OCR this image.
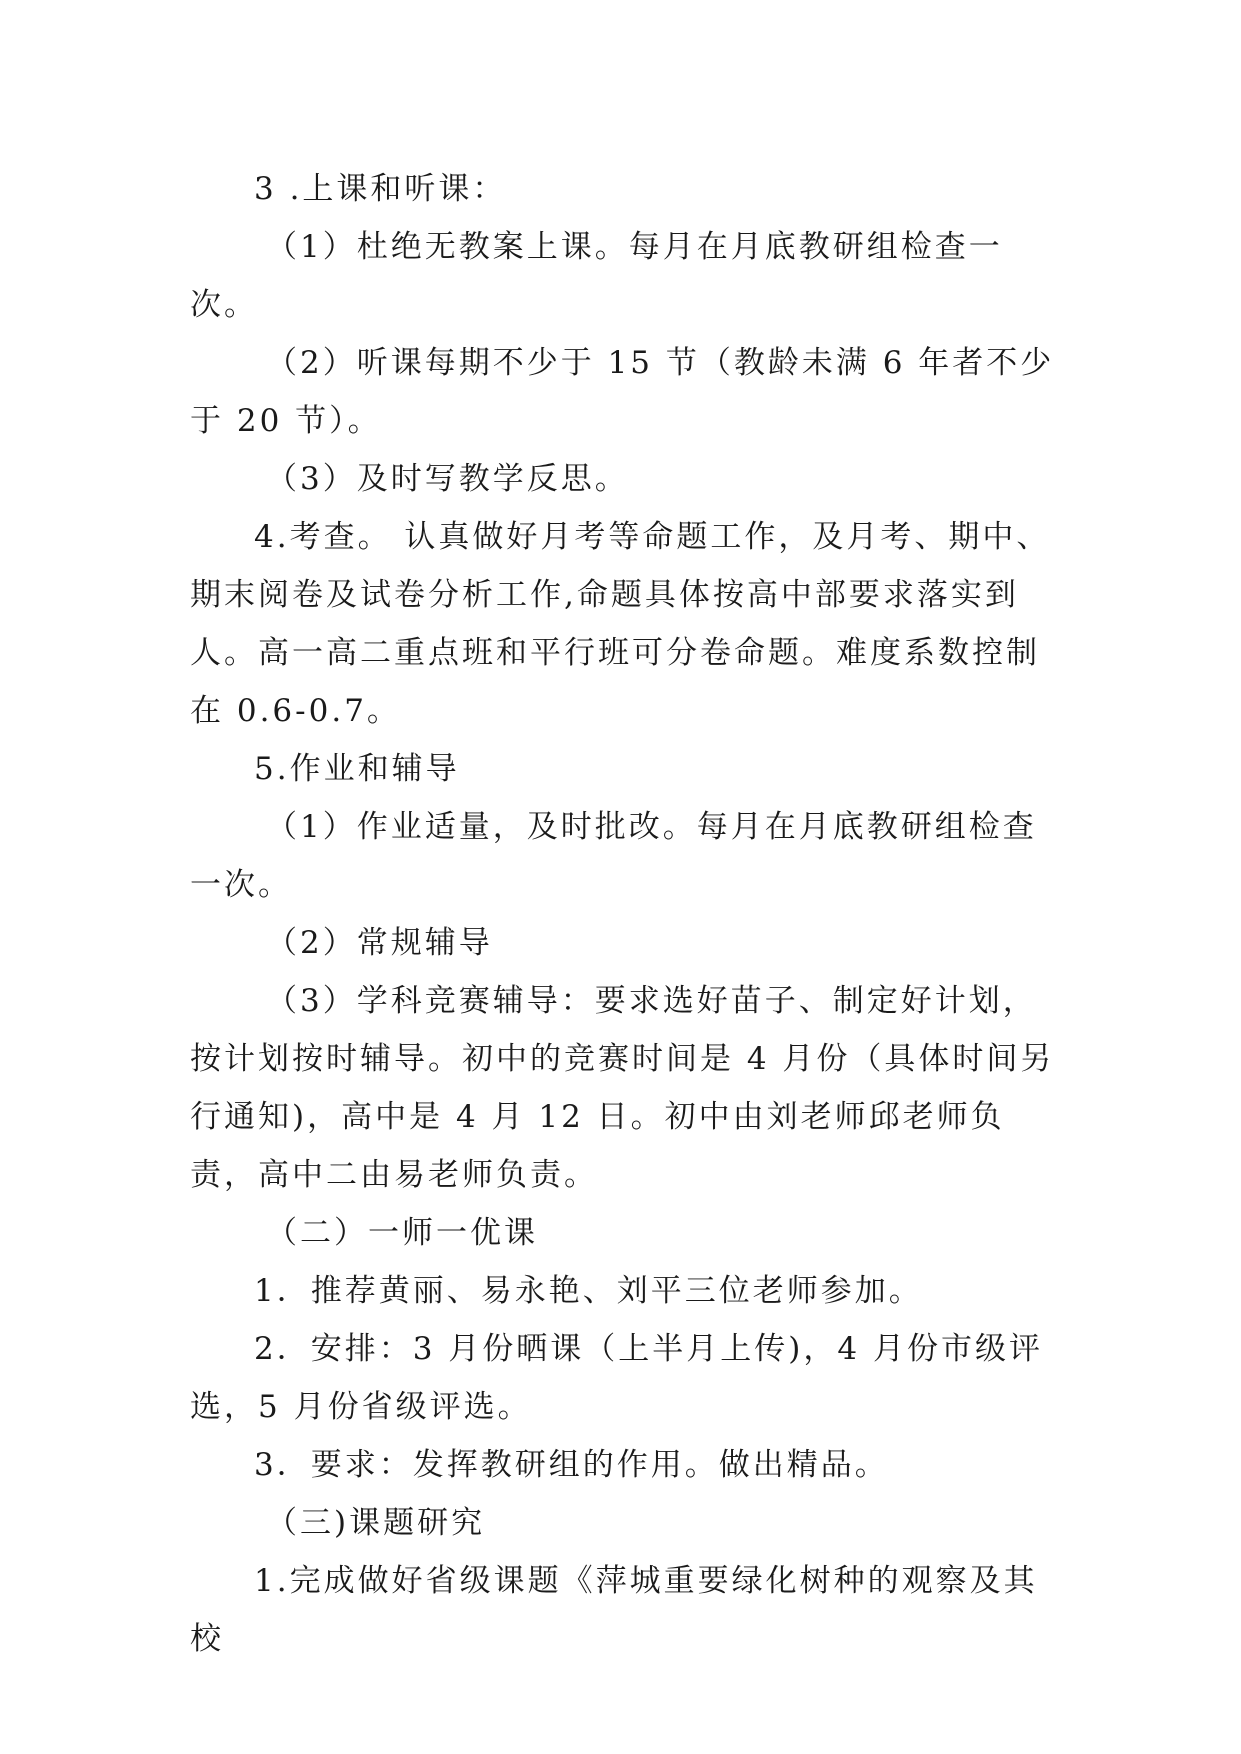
3 .上课和听课：

（1）杜绝无教案上课。每月在月底教研组检查一次。

（2）听课每期不少于 15 节（教龄未满 6 年者不少于 20 节）。

（3）及时写教学反思。

4.考查。 认真做好月考等命题工作，及月考、期中、期末阅卷及试卷分析工作,命题具体按高中部要求落实到人。高一高二重点班和平行班可分卷命题。难度系数控制在 0.6-0.7。

5.作业和辅导

（1）作业适量，及时批改。每月在月底教研组检查一次。

（2）常规辅导

（3）学科竞赛辅导：要求选好苗子、制定好计划，按计划按时辅导。初中的竞赛时间是 4 月份（具体时间另行通知)，高中是 4 月 12 日。初中由刘老师邱老师负责，高中二由易老师负责。

（二）一师一优课

1．推荐黄丽、易永艳、刘平三位老师参加。

2．安排：3 月份晒课（上半月上传)，4 月份市级评选，5 月份省级评选。

3．要求：发挥教研组的作用。做出精品。

（三)课题研究

1.完成做好省级课题《萍城重要绿化树种的观察及其校
